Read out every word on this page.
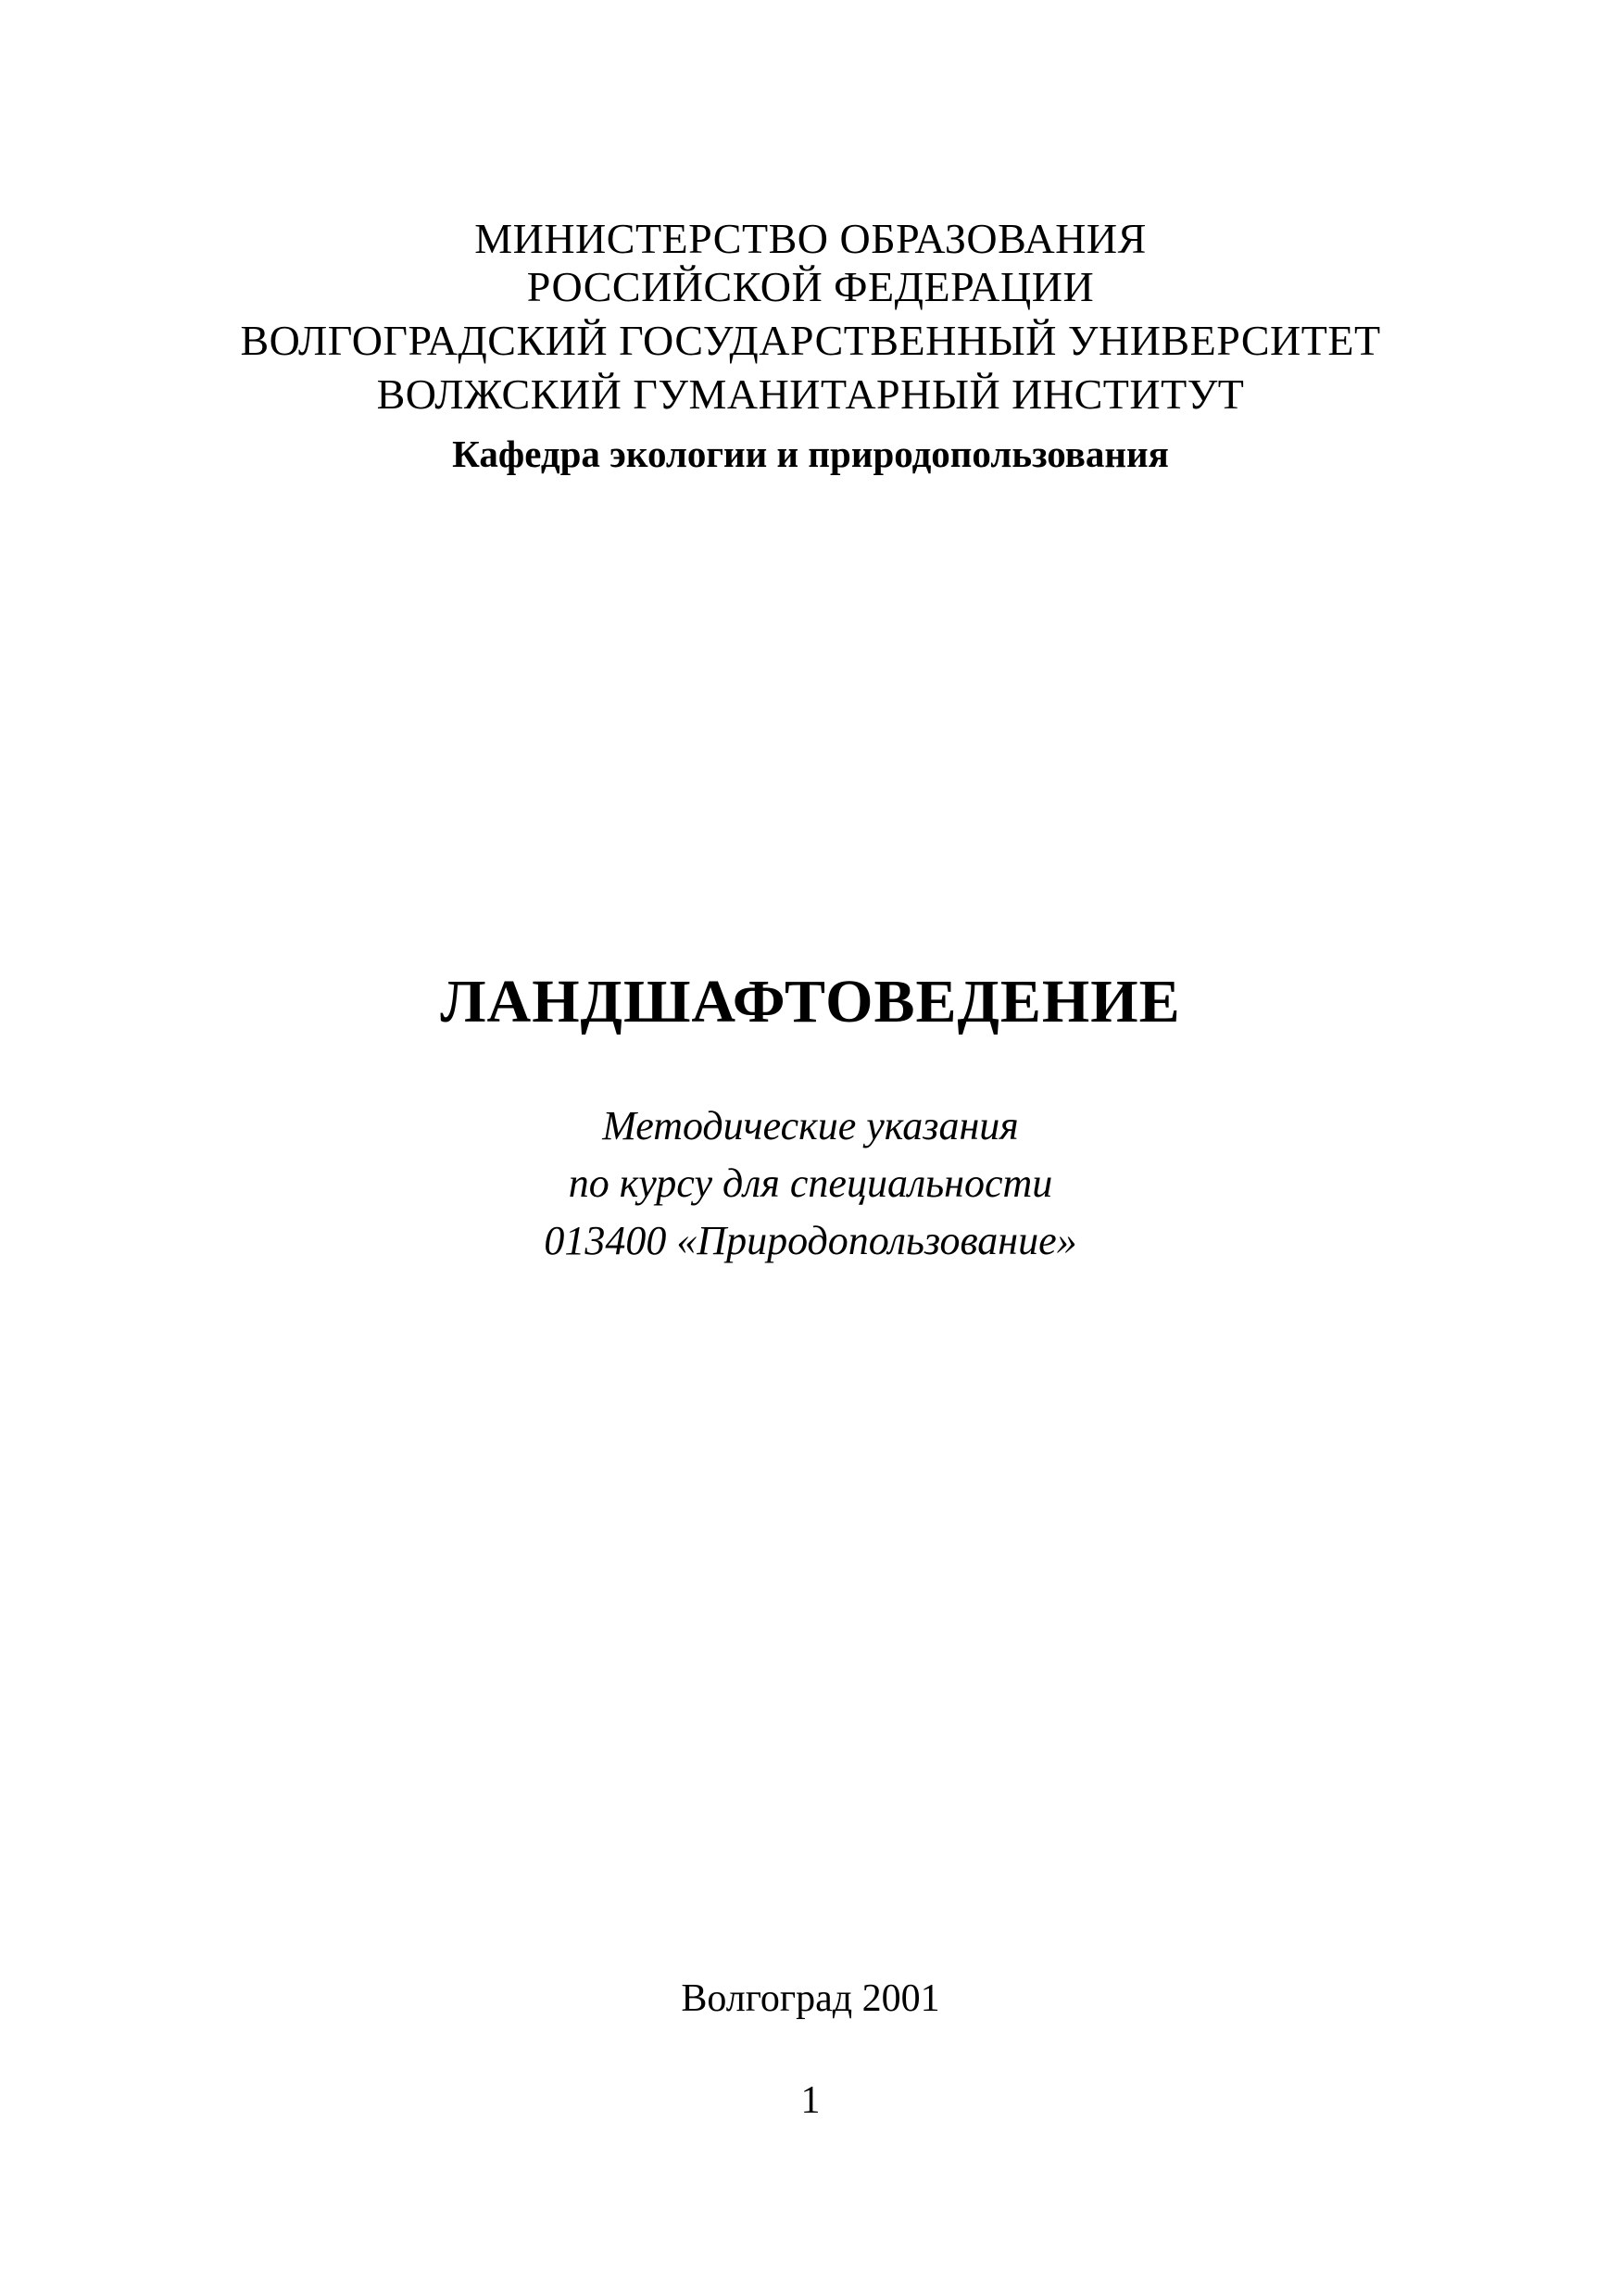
МИНИСТЕРСТВО ОБРАЗОВАНИЯ

РОССИЙСКОЙ ФЕДЕРАЦИИ

ВОЛГОГРАДСКИЙ ГОСУДАРСТВЕННЫЙ УНИВЕРСИТЕТ

ВОЛЖСКИЙ ГУМАНИТАРНЫЙ ИНСТИТУТ

Кафедра экологии и природопользования

ЛАНДШАФТОВЕДЕНИЕ

Методические указания

по курсу для специальности

013400 «Природопользование»

Волгоград 2001

1
